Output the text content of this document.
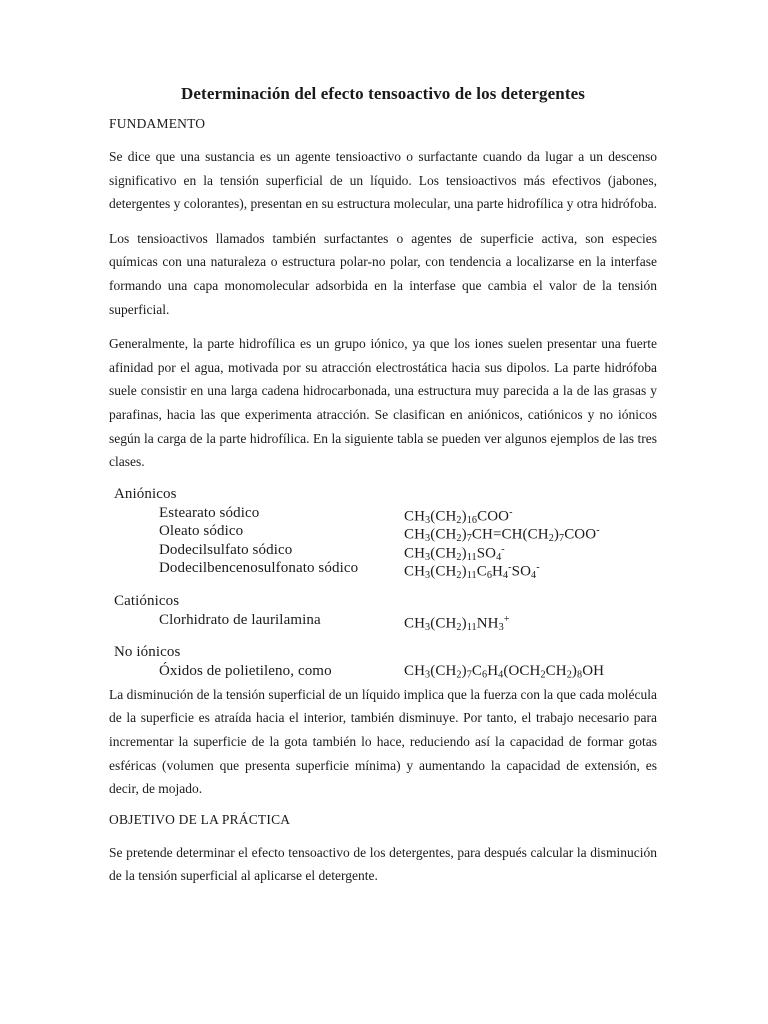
Determinación del efecto tensoactivo de los detergentes
FUNDAMENTO

Se dice que una sustancia es un agente tensioactivo o surfactante cuando da lugar a un descenso significativo en la tensión superficial de un líquido. Los tensioactivos más efectivos (jabones, detergentes y colorantes), presentan en su estructura molecular, una parte hidrofílica y otra hidrófoba.

Los tensioactivos llamados también surfactantes o agentes de superficie activa, son especies químicas con una naturaleza o estructura polar-no polar, con tendencia a localizarse en la interfase formando una capa monomolecular adsorbida en la interfase que cambia el valor de la tensión superficial.

Generalmente, la parte hidrofílica es un grupo iónico, ya que los iones suelen presentar una fuerte afinidad por el agua, motivada por su atracción electrostática hacia sus dipolos. La parte hidrófoba suele consistir en una larga cadena hidrocarbonada, una estructura muy parecida a la de las grasas y parafinas, hacia las que experimenta atracción. Se clasifican en aniónicos, catiónicos y no iónicos según la carga de la parte hidrofílica. En la siguiente tabla se pueden ver algunos ejemplos de las tres clases.

Aniónicos
Estearato sódico	$CH_3(CH_2)_{16}COO^-$
Oleato sódico	$CH_3(CH_2)_7CH=CH(CH_2)_7COO^-$
Dodecilsulfato sódico	$CH_3(CH_2)_{11}SO_4^-$
Dodecilbencenosulfonato sódico	$CH_3(CH_2)_{11}C_6H_4^-SO_4^-$
Catiónicos
Clorhidrato de laurilamina	$CH_3(CH_2)_{11}NH_3^+$
No iónicos
Óxidos de polietileno, como	$CH_3(CH_2)_7C_6H_4(OCH_2CH_2)_8OH$

La disminución de la tensión superficial de un líquido implica que la fuerza con la que cada molécula de la superficie es atraída hacia el interior, también disminuye. Por tanto, el trabajo necesario para incrementar la superficie de la gota también lo hace, reduciendo así la capacidad de formar gotas esféricas (volumen que presenta superficie mínima) y aumentando la capacidad de extensión, es decir, de mojado.

OBJETIVO DE LA PRÁCTICA

Se pretende determinar el efecto tensoactivo de los detergentes, para después calcular la disminución de la tensión superficial al aplicarse el detergente.
